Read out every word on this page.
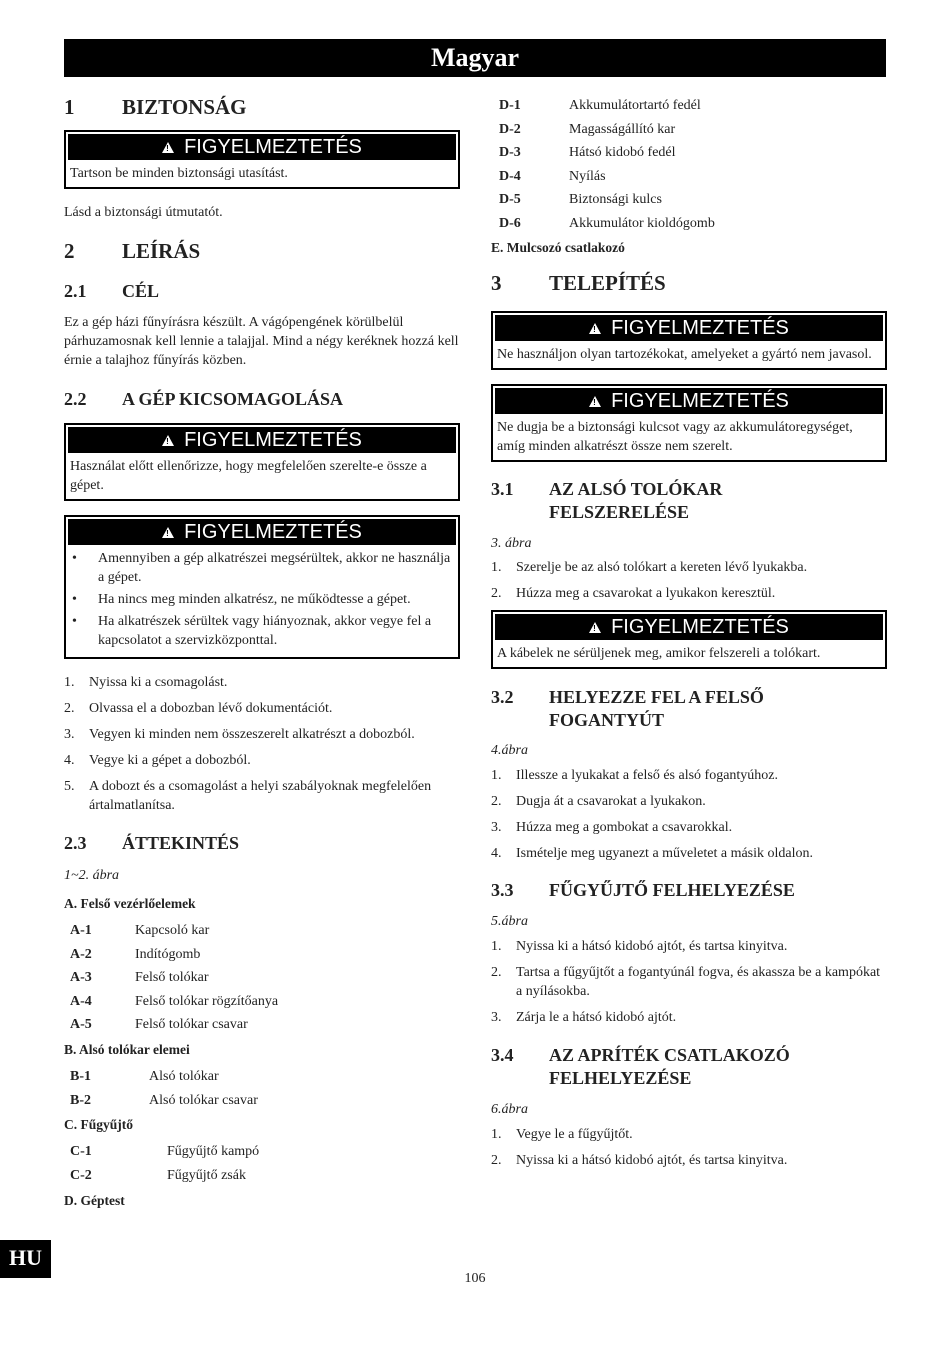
Magyar
1	BIZTONSÁG
!FIGYELMEZTETÉS
Tartson be minden biztonsági utasítást.

Lásd a biztonsági útmutatót.

2	LEÍRÁS
2.1	CÉL

Ez a gép házi fűnyírásra készült. A vágópengének körülbelül párhuzamosnak kell lennie a talajjal. Mind a négy keréknek hozzá kell érnie a talajhoz fűnyírás közben.

2.2	A GÉP KICSOMAGOLÁSA
!FIGYELMEZTETÉS
Használat előtt ellenőrizze, hogy megfelelően szerelte-e össze a gépet.
!FIGYELMEZTETÉS
•	Amennyiben a gép alkatrészei megsérültek, akkor ne használja a gépet.
•	Ha nincs meg minden alkatrész, ne működtesse a gépet.
•	Ha alkatrészek sérültek vagy hiányoznak, akkor vegye fel a kapcsolatot a szervizközponttal.
1.	Nyissa ki a csomagolást.
2.	Olvassa el a dobozban lévő dokumentációt.
3.	Vegyen ki minden nem összeszerelt alkatrészt a dobozból.
4.	Vegye ki a gépet a dobozból.
5.	A dobozt és a csomagolást a helyi szabályoknak megfelelően ártalmatlanítsa.
2.3	ÁTTEKINTÉS

1~2. ábra

A. Felső vezérlőelemek

A-1	Kapcsoló kar
A-2	Indítógomb
A-3	Felső tolókar
A-4	Felső tolókar rögzítőanya
A-5	Felső tolókar csavar

B. Alsó tolókar elemei

B-1	Alsó tolókar
B-2	Alsó tolókar csavar

C. Fűgyűjtő

C-1	Fűgyűjtő kampó
C-2	Fűgyűjtő zsák

D. Géptest

D-1	Akkumulátortartó fedél
D-2	Magasságállító kar
D-3	Hátsó kidobó fedél
D-4	Nyílás
D-5	Biztonsági kulcs
D-6	Akkumulátor kioldógomb

E. Mulcsozó csatlakozó

3	TELEPÍTÉS
!FIGYELMEZTETÉS
Ne használjon olyan tartozékokat, amelyeket a gyártó nem javasol.
!FIGYELMEZTETÉS
Ne dugja be a biztonsági kulcsot vagy az akkumulátoregységet, amíg minden alkatrészt össze nem szerelt.
3.1	AZ ALSÓ TOLÓKAR
FELSZERELÉSE

3. ábra

1.	Szerelje be az alsó tolókart a kereten lévő lyukakba.
2.	Húzza meg a csavarokat a lyukakon keresztül.
!FIGYELMEZTETÉS
A kábelek ne sérüljenek meg, amikor felszereli a tolókart.
3.2	HELYEZZE FEL A FELSŐ
FOGANTYÚT

4.ábra

1.	Illessze a lyukakat a felső és alsó fogantyúhoz.
2.	Dugja át a csavarokat a lyukakon.
3.	Húzza meg a gombokat a csavarokkal.
4.	Ismételje meg ugyanezt a műveletet a másik oldalon.
3.3	FŰGYŰJTŐ FELHELYEZÉSE

5.ábra

1.	Nyissa ki a hátsó kidobó ajtót, és tartsa kinyitva.
2.	Tartsa a fűgyűjtőt a fogantyúnál fogva, és akassza be a kampókat a nyílásokba.
3.	Zárja le a hátsó kidobó ajtót.
3.4	AZ APRÍTÉK CSATLAKOZÓ
FELHELYEZÉSE

6.ábra

1.	Vegye le a fűgyűjtőt.
2.	Nyissa ki a hátsó kidobó ajtót, és tartsa kinyitva.
HU
106
